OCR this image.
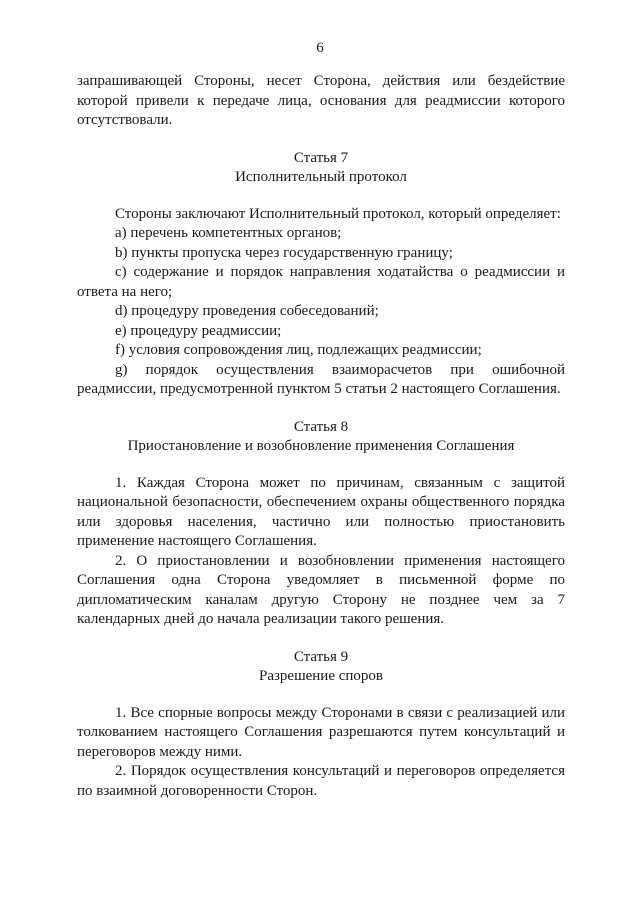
6

запрашивающей Стороны, несет Сторона, действия или бездействие которой привели к передаче лица, основания для реадмиссии которого отсутствовали.

Статья 7
Исполнительный протокол

Стороны заключают Исполнительный протокол, который определяет:

a) перечень компетентных органов;

b) пункты пропуска через государственную границу;

c) содержание и порядок направления ходатайства о реадмиссии и ответа на него;

d) процедуру проведения собеседований;

e) процедуру реадмиссии;

f) условия сопровождения лиц, подлежащих реадмиссии;

g) порядок осуществления взаиморасчетов при ошибочной реадмиссии, предусмотренной пунктом 5 статьи 2 настоящего Соглашения.

Статья 8
Приостановление и возобновление применения Соглашения

1. Каждая Сторона может по причинам, связанным с защитой национальной безопасности, обеспечением охраны общественного порядка или здоровья населения, частично или полностью приостановить применение настоящего Соглашения.

2. О приостановлении и возобновлении применения настоящего Соглашения одна Сторона уведомляет в письменной форме по дипломатическим каналам другую Сторону не позднее чем за 7 календарных дней до начала реализации такого решения.

Статья 9
Разрешение споров

1. Все спорные вопросы между Сторонами в связи с реализацией или толкованием настоящего Соглашения разрешаются путем консультаций и переговоров между ними.

2. Порядок осуществления консультаций и переговоров определяется по взаимной договоренности Сторон.
